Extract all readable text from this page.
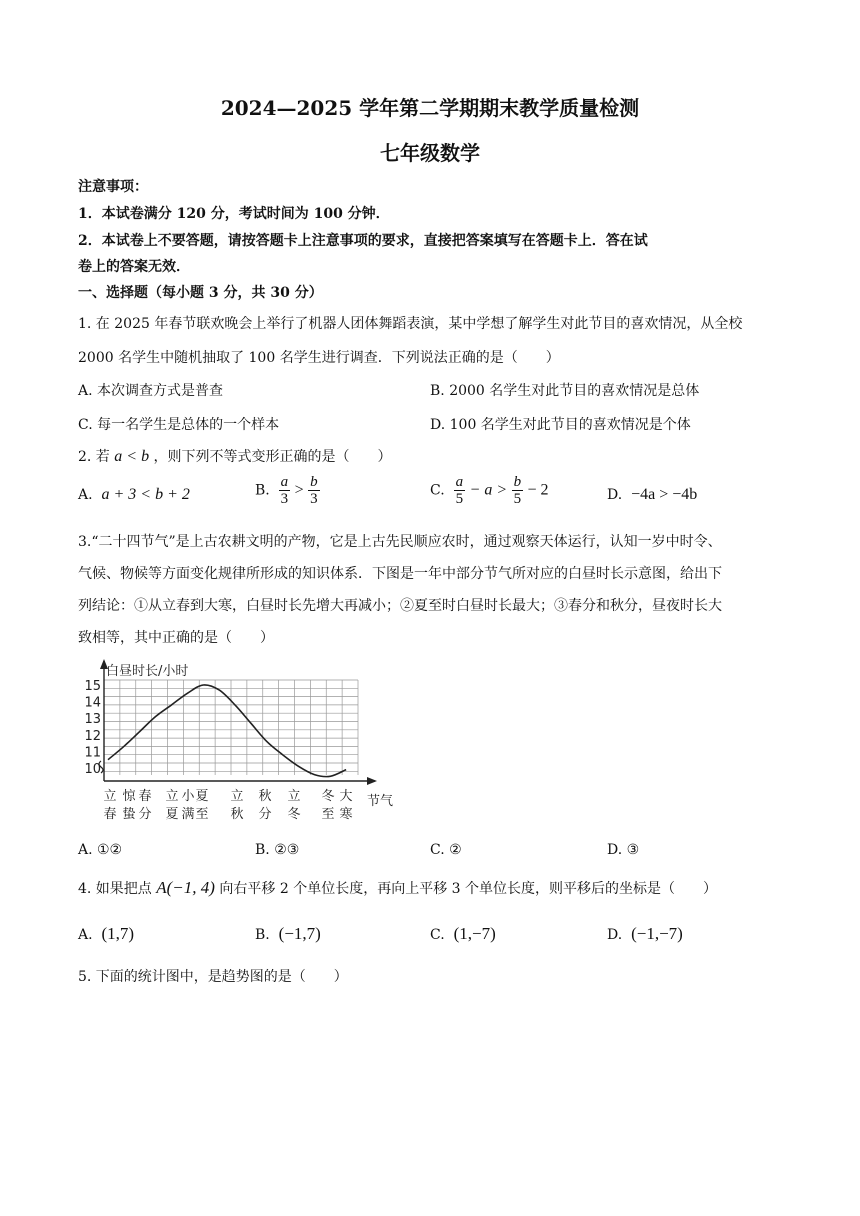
2024—2025 学年第二学期期末教学质量检测
七年级数学
注意事项：
1．本试卷满分 120 分，考试时间为 100 分钟．
2．本试卷上不要答题，请按答题卡上注意事项的要求，直接把答案填写在答题卡上．答在试
卷上的答案无效．
一、选择题（每小题 3 分，共 30 分）
1. 在 2025 年春节联欢晚会上举行了机器人团体舞蹈表演，某中学想了解学生对此节目的喜欢情况，从全校
2000 名学生中随机抽取了 100 名学生进行调查．下列说法正确的是（　　）
A. 本次调查方式是普查	B. 2000 名学生对此节目的喜欢情况是总体
C. 每一名学生是总体的一个样本	D. 100 名学生对此节目的喜欢情况是个体
2. 若 a < b ，则下列不等式变形正确的是（　　）
A. a + 3 < b + 2	B. $\frac{a}{3} > \frac{b}{3}$	C. $\frac{a}{5} - a > \frac{b}{5} - 2$	D. −4a > −4b
3.“二十四节气”是上古农耕文明的产物，它是上古先民顺应农时，通过观察天体运行，认知一岁中时令、
气候、物候等方面变化规律所形成的知识体系．下图是一年中部分节气所对应的白昼时长示意图，给出下
列结论：①从立春到大寒，白昼时长先增大再减小；②夏至时白昼时长最大；③春分和秋分，昼夜时长大
致相等，其中正确的是（　　）
白昼时长/小时
节气
10
11
12
13
14
15
立
春
惊
蛰
春
分
立
夏
小
满
夏
至
立
秋
秋
分
立
冬
冬
至
大
寒
A. ①②	B. ②③	C. ②	D. ③
4. 如果把点 A(−1, 4) 向右平移 2 个单位长度，再向上平移 3 个单位长度，则平移后的坐标是（　　）
A. (1,7)	B. (−1,7)	C. (1,−7)	D. (−1,−7)
5. 下面的统计图中，是趋势图的是（　　）
